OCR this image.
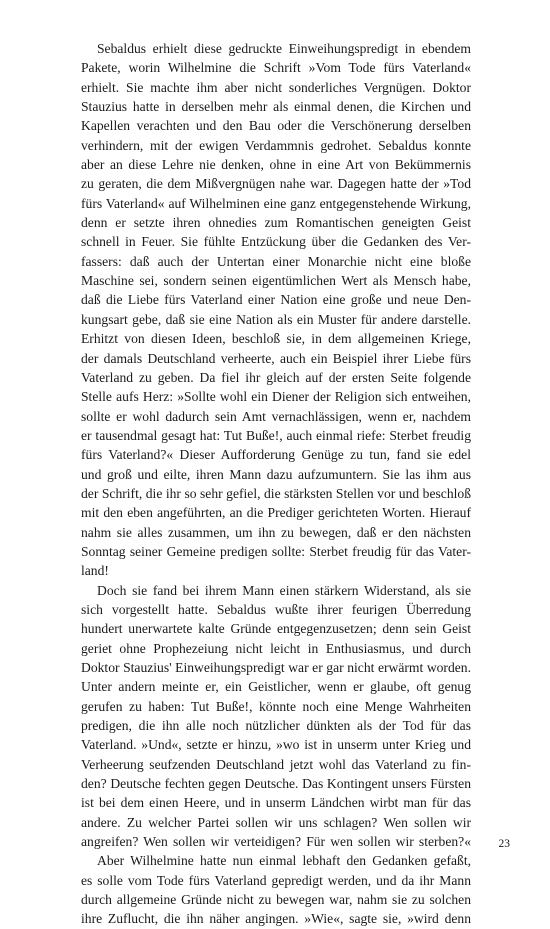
Sebaldus erhielt diese gedruckte Einweihungspredigt in ebendem
Pakete, worin Wilhelmine die Schrift »Vom Tode fürs Vaterland«
erhielt. Sie machte ihm aber nicht sonderliches Vergnügen. Doktor
Stauzius hatte in derselben mehr als einmal denen, die Kirchen und
Kapellen verachten und den Bau oder die Verschönerung derselben
verhindern, mit der ewigen Verdammnis gedrohet. Sebaldus konnte
aber an diese Lehre nie denken, ohne in eine Art von Bekümmernis
zu geraten, die dem Mißvergnügen nahe war. Dagegen hatte der »Tod
fürs Vaterland« auf Wilhelminen eine ganz entgegenstehende Wirkung,
denn er setzte ihren ohnedies zum Romantischen geneigten Geist
schnell in Feuer. Sie fühlte Entzückung über die Gedanken des Ver-
fassers: daß auch der Untertan einer Monarchie nicht eine bloße
Maschine sei, sondern seinen eigentümlichen Wert als Mensch habe,
daß die Liebe fürs Vaterland einer Nation eine große und neue Den-
kungsart gebe, daß sie eine Nation als ein Muster für andere darstelle.
Erhitzt von diesen Ideen, beschloß sie, in dem allgemeinen Kriege,
der damals Deutschland verheerte, auch ein Beispiel ihrer Liebe fürs
Vaterland zu geben. Da fiel ihr gleich auf der ersten Seite folgende
Stelle aufs Herz: »Sollte wohl ein Diener der Religion sich entweihen,
sollte er wohl dadurch sein Amt vernachlässigen, wenn er, nachdem
er tausendmal gesagt hat: Tut Buße!, auch einmal riefe: Sterbet freudig
fürs Vaterland?« Dieser Aufforderung Genüge zu tun, fand sie edel
und groß und eilte, ihren Mann dazu aufzumuntern. Sie las ihm aus
der Schrift, die ihr so sehr gefiel, die stärksten Stellen vor und beschloß
mit den eben angeführten, an die Prediger gerichteten Worten. Hierauf
nahm sie alles zusammen, um ihn zu bewegen, daß er den nächsten
Sonntag seiner Gemeine predigen sollte: Sterbet freudig für das Vater-
land!
Doch sie fand bei ihrem Mann einen stärkern Widerstand, als sie
sich vorgestellt hatte. Sebaldus wußte ihrer feurigen Überredung
hundert unerwartete kalte Gründe entgegenzusetzen; denn sein Geist
geriet ohne Prophezeiung nicht leicht in Enthusiasmus, und durch
Doktor Stauzius' Einweihungspredigt war er gar nicht erwärmt worden.
Unter andern meinte er, ein Geistlicher, wenn er glaube, oft genug
gerufen zu haben: Tut Buße!, könnte noch eine Menge Wahrheiten
predigen, die ihn alle noch nützlicher dünkten als der Tod für das
Vaterland. »Und«, setzte er hinzu, »wo ist in unserm unter Krieg und
Verheerung seufzenden Deutschland jetzt wohl das Vaterland zu fin-
den? Deutsche fechten gegen Deutsche. Das Kontingent unsers Fürsten
ist bei dem einen Heere, und in unserm Ländchen wirbt man für das
andere. Zu welcher Partei sollen wir uns schlagen? Wen sollen wir
angreifen? Wen sollen wir verteidigen? Für wen sollen wir sterben?«
Aber Wilhelmine hatte nun einmal lebhaft den Gedanken gefaßt,
es solle vom Tode fürs Vaterland gepredigt werden, und da ihr Mann
durch allgemeine Gründe nicht zu bewegen war, nahm sie zu solchen
ihre Zuflucht, die ihn näher angingen. »Wie«, sagte sie, »wird denn
23
